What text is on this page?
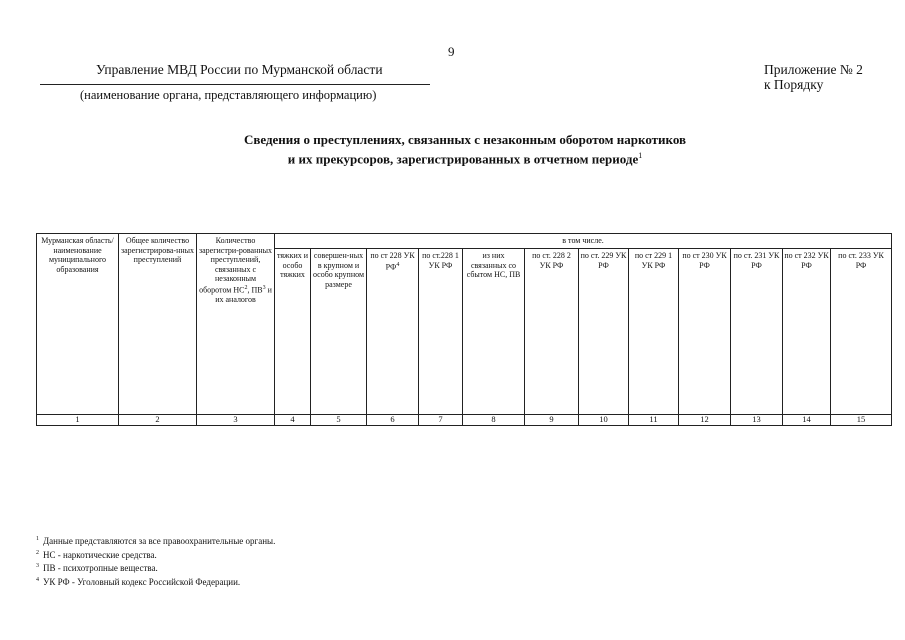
9
Управление МВД России по Мурманской области
(наименование органа, представляющего информацию)
Приложение № 2
к Порядку
Сведения о преступлениях, связанных с незаконным оборотом наркотиков
и их прекурсоров, зарегистрированных в отчетном периоде$^1$
Мурманская область/ наименование муниципального образования	Общее количество зарегистрирова-нных преступлений	Количество зарегистри-рованных преступлений, связанных с незаконным оборотом $НС^2$, $ПВ^3$ и их аналогов	в том числе.											
			тяжких и особо тяжких	совершен-ных в крупном и особо крупном размере	по ст 228 УК $РФ^4$	по ст.228 1 УК РФ	из них связанных со сбытом НС, ПВ	по ст. 228 2 УК РФ	по ст. 229 УК РФ	по ст 229 1 УК РФ	по ст 230 УК РФ	по ст. 231 УК РФ	по ст 232 УК РФ	по ст. 233 УК РФ
1	2	3	4	5	6	7	8	9	10	11	12	13	14	15
$^1$ Данные представляются за все правоохранительные органы.
$^2$ НС - наркотические средства.
$^3$ ПВ - психотропные вещества.
$^4$ УК РФ - Уголовный кодекс Российской Федерации.
